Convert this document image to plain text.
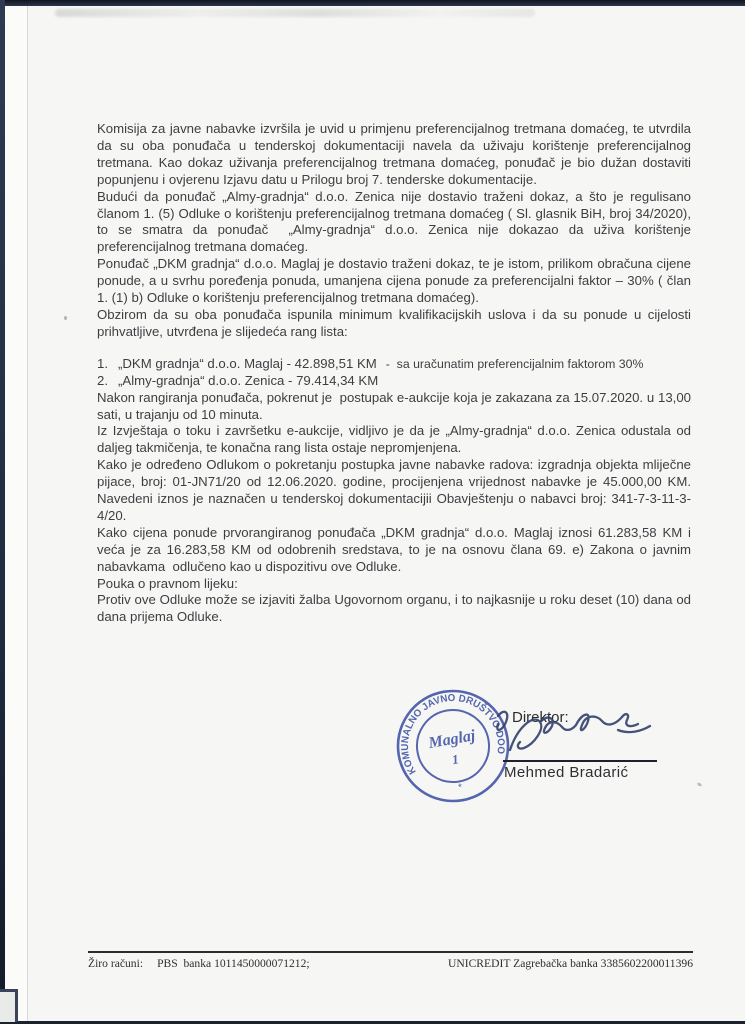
Komisija za javne nabavke izvršila je uvid u primjenu preferencijalnog tretmana domaćeg, te utvrdila da su oba ponuđača u tenderskoj dokumentaciji navela da uživaju korištenje preferencijalnog tretmana. Kao dokaz uživanja preferencijalnog tretmana domaćeg, ponuđač je bio dužan dostaviti popunjenu i ovjerenu Izjavu datu u Prilogu broj 7. tenderske dokumentacije.

Budući da ponuđač „Almy-gradnja“ d.o.o. Zenica nije dostavio traženi dokaz, a što je regulisano članom 1. (5) Odluke o korištenju preferencijalnog tretmana domaćeg ( Sl. glasnik BiH, broj 34/2020), to se smatra da ponuđač  „Almy-gradnja“ d.o.o. Zenica nije dokazao da uživa korištenje preferencijalnog tretmana domaćeg.

Ponuđač „DKM gradnja“ d.o.o. Maglaj je dostavio traženi dokaz, te je istom, prilikom obračuna cijene ponude, a u svrhu poređenja ponuda, umanjena cijena ponude za preferencijalni faktor – 30% ( član 1. (1) b) Odluke o korištenju preferencijalnog tretmana domaćeg).

Obzirom da su oba ponuđača ispunila minimum kvalifikacijskih uslova i da su ponude u cijelosti prihvatljive, utvrđena je slijedeća rang lista:

1. „DKM gradnja“ d.o.o. Maglaj - 42.898,51 KM -  sa uračunatim preferencijalnim faktorom 30%
2. „Almy-gradnja“ d.o.o. Zenica - 79.414,34 KM

Nakon rangiranja ponuđača, pokrenut je  postupak e-aukcije koja je zakazana za 15.07.2020. u 13,00 sati, u trajanju od 10 minuta.

Iz Izvještaja o toku i završetku e-aukcije, vidljivo je da je „Almy-gradnja“ d.o.o. Zenica odustala od daljeg takmičenja, te konačna rang lista ostaje nepromjenjena.

Kako je određeno Odlukom o pokretanju postupka javne nabavke radova: izgradnja objekta mliječne pijace, broj: 01-JN71/20 od 12.06.2020. godine, procijenjena vrijednost nabavke je 45.000,00 KM. Navedeni iznos je naznačen u tenderskoj dokumentacijii Obavještenju o nabavci broj: 341-7-3-11-3-4/20.

Kako cijena ponude prvorangiranog ponuđača „DKM gradnja“ d.o.o. Maglaj iznosi 61.283,58 KM i veća je za 16.283,58 KM od odobrenih sredstava, to je na osnovu člana 69. e) Zakona o javnim nabavkama  odlučeno kao u dispozitivu ove Odluke.

Pouka o pravnom lijeku:

Protiv ove Odluke može se izjaviti žalba Ugovornom organu, i to najkasnije u roku deset (10) dana od dana prijema Odluke.

KOMUNALNO JAVNO DRUŠTVO DOO
Maglaj
1
*
Direktor:
Mehmed Bradarić
Žiro računi: PBS  banka 1011450000071212;	UNICREDIT Zagrebačka banka 3385602200011396
